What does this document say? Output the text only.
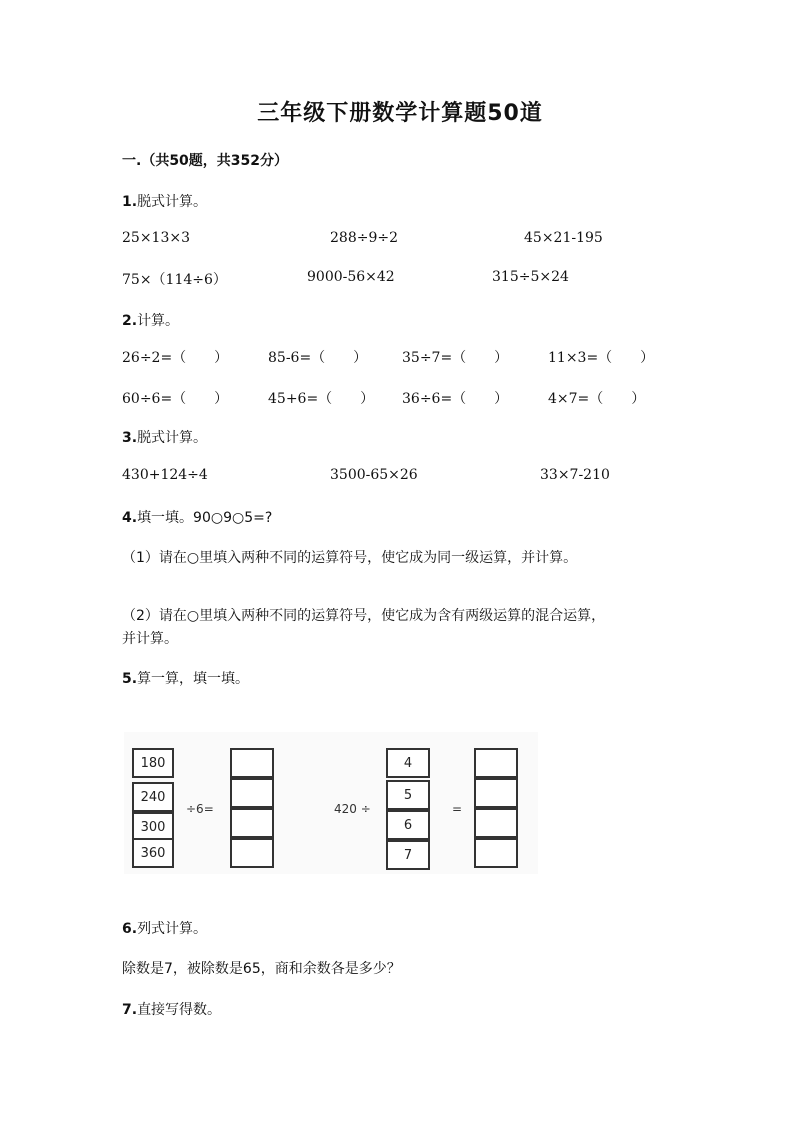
三年级下册数学计算题50道
一.（共50题，共352分）
1.脱式计算。
25×13×3	288÷9÷2	45×21-195
75×（114÷6）	9000-56×42	315÷5×24
2.计算。
26÷2=（　　）	85-6=（　　） 35÷7=（　　）	11×3=（　　）
60÷6=（　　）	45+6=（　　） 36÷6=（　　）	4×7=（　　）
3.脱式计算。
430+124÷4	3500-65×26	33×7-210
4.填一填。90○9○5=?
（1）请在○里填入两种不同的运算符号，使它成为同一级运算，并计算。
（2）请在○里填入两种不同的运算符号，使它成为含有两级运算的混合运算，
并计算。
5.算一算，填一填。
180
240
300
360
÷6=	420 ÷
4
5
6
7
=
6.列式计算。
除数是7，被除数是65，商和余数各是多少？
7.直接写得数。
